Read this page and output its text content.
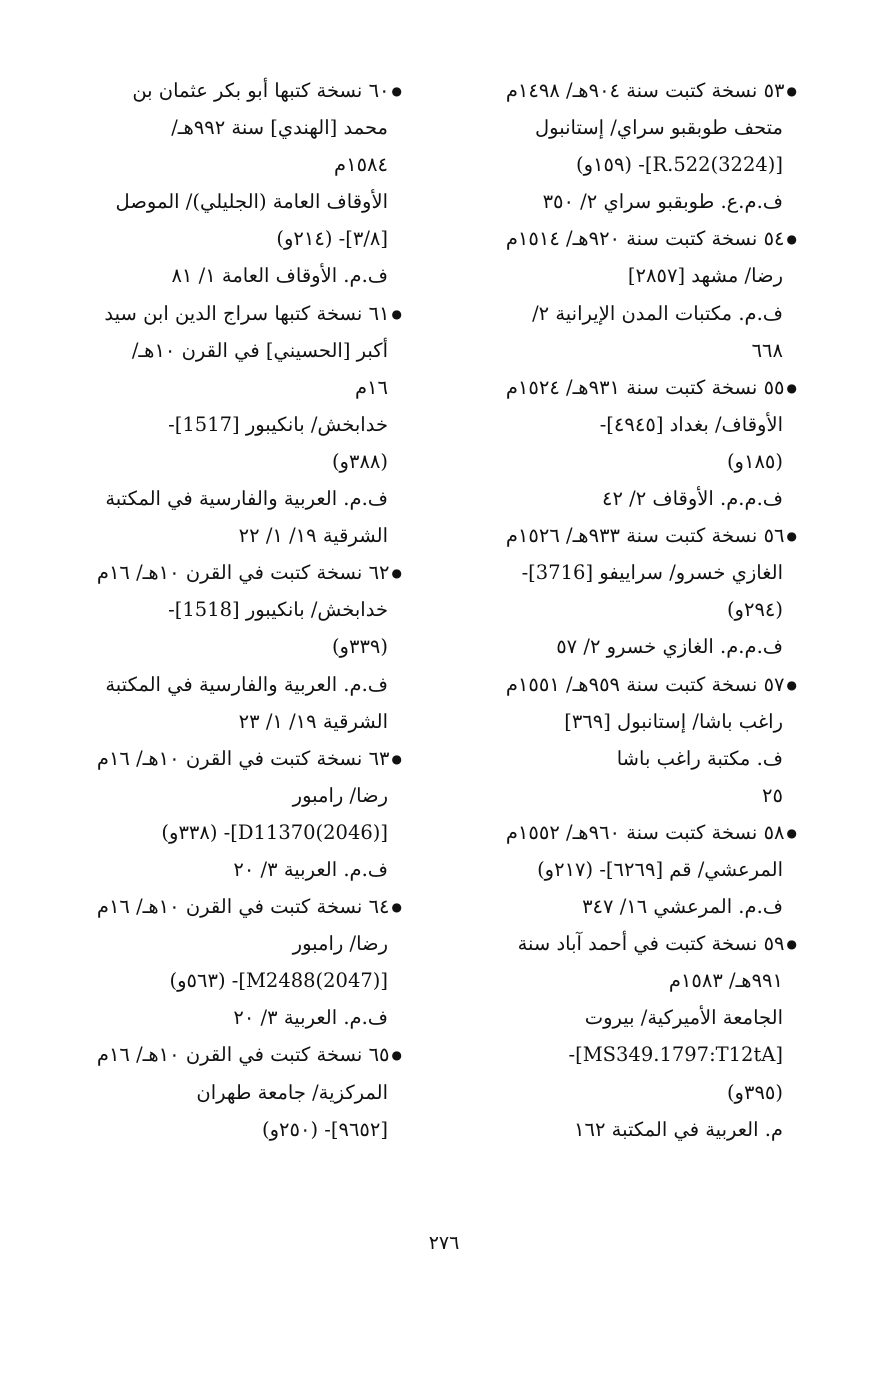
● ٥٣ نسخة كتبت سنة ٩٠٤هـ/ ١٤٩٨م
متحف طوبقبو سراي/ إستانبول
[R.522(3224)]- (١٥٩و)
ف.م.ع. طوبقبو سراي ٢/ ٣٥٠
● ٥٤ نسخة كتبت سنة ٩٢٠هـ/ ١٥١٤م
رضا/ مشهد [٢٨٥٧]
ف.م. مكتبات المدن الإيرانية ٢/
٦٦٨
● ٥٥ نسخة كتبت سنة ٩٣١هـ/ ١٥٢٤م
الأوقاف/ بغداد [٤٩٤٥]-
(١٨٥و)
ف.م.م. الأوقاف ٢/ ٤٢
● ٥٦ نسخة كتبت سنة ٩٣٣هـ/ ١٥٢٦م
الغازي خسرو/ سراييفو [3716]-
(٢٩٤و)
ف.م.م. الغازي خسرو ٢/ ٥٧
● ٥٧ نسخة كتبت سنة ٩٥٩هـ/ ١٥٥١م
راغب باشا/ إستانبول [٣٦٩]
ف. مكتبة راغب باشا
٢٥
● ٥٨ نسخة كتبت سنة ٩٦٠هـ/ ١٥٥٢م
المرعشي/ قم [٦٢٦٩]- (٢١٧و)
ف.م. المرعشي ١٦/ ٣٤٧
● ٥٩ نسخة كتبت في أحمد آباد سنة
٩٩١هـ/ ١٥٨٣م
الجامعة الأميركية/ بيروت
[MS349.1797:T12tA]-
(٣٩٥و)
م. العربية في المكتبة ١٦٢
● ٦٠ نسخة كتبها أبو بكر عثمان بن
محمد [الهندي] سنة ٩٩٢هـ/
١٥٨٤م
الأوقاف العامة (الجليلي)/ الموصل
[٣/٨]- (٢١٤و)
ف.م. الأوقاف العامة ١/ ٨١
● ٦١ نسخة كتبها سراج الدين ابن سيد
أكبر [الحسيني] في القرن ١٠هـ/
١٦م
خدابخش/ بانكيبور [1517]-
(٣٨٨و)
ف.م. العربية والفارسية في المكتبة
الشرقية ١٩/ ١/ ٢٢
● ٦٢ نسخة كتبت في القرن ١٠هـ/ ١٦م
خدابخش/ بانكيبور [1518]-
(٣٣٩و)
ف.م. العربية والفارسية في المكتبة
الشرقية ١٩/ ١/ ٢٣
● ٦٣ نسخة كتبت في القرن ١٠هـ/ ١٦م
رضا/ رامبور
[D11370(2046)]- (٣٣٨و)
ف.م. العربية ٣/ ٢٠
● ٦٤ نسخة كتبت في القرن ١٠هـ/ ١٦م
رضا/ رامبور
[M2488(2047)]- (٥٦٣و)
ف.م. العربية ٣/ ٢٠
● ٦٥ نسخة كتبت في القرن ١٠هـ/ ١٦م
المركزية/ جامعة طهران
[٩٦٥٢]- (٢٥٠و)
٢٧٦
